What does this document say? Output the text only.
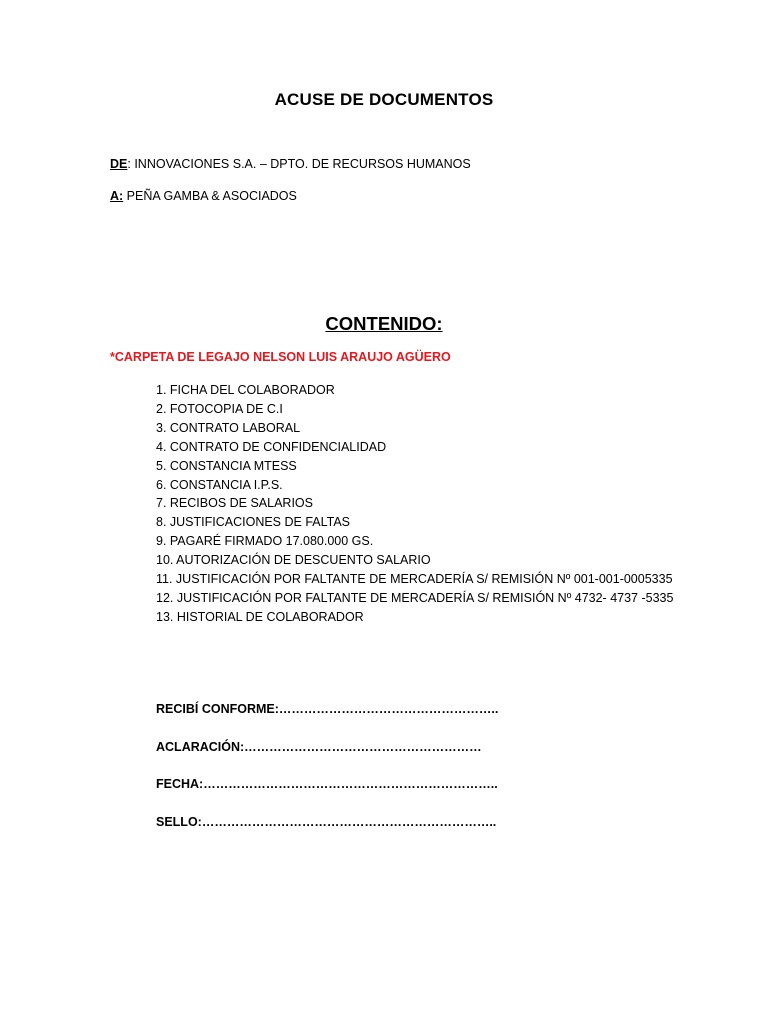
ACUSE DE DOCUMENTOS
DE: INNOVACIONES S.A. – DPTO. DE RECURSOS HUMANOS
A: PEÑA GAMBA & ASOCIADOS
CONTENIDO:
*CARPETA DE LEGAJO NELSON LUIS ARAUJO AGÜERO
1. FICHA DEL COLABORADOR
2. FOTOCOPIA DE C.I
3. CONTRATO LABORAL
4. CONTRATO DE CONFIDENCIALIDAD
5. CONSTANCIA MTESS
6. CONSTANCIA I.P.S.
7. RECIBOS DE SALARIOS
8. JUSTIFICACIONES DE FALTAS
9. PAGARÉ FIRMADO 17.080.000 GS.
10. AUTORIZACIÓN DE DESCUENTO SALARIO
11. JUSTIFICACIÓN POR FALTANTE DE MERCADERÍA S/ REMISIÓN Nº 001-001-0005335
12. JUSTIFICACIÓN POR FALTANTE DE MERCADERÍA S/ REMISIÓN Nº 4732- 4737 -5335
13. HISTORIAL DE COLABORADOR
RECIBÍ CONFORME:……………………………………………..
ACLARACIÓN:…………………………………………………
FECHA:……………………………………………………………..
SELLO:……………………………………………………………..
